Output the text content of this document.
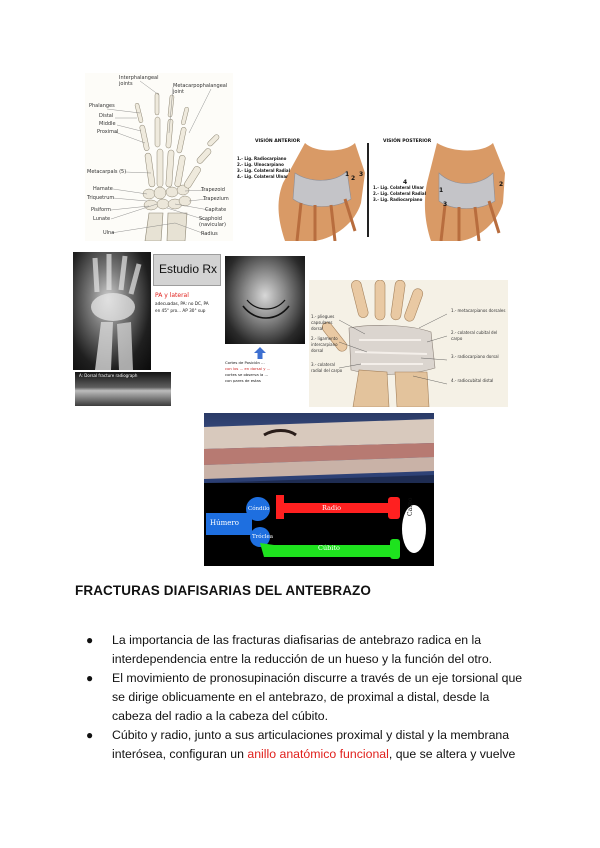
Phalanges
Distal
Middle
Proximal
Metacarpals (5)
Hamate
Triquetrum
Pisiform
Lunate
Ulna
Interphalangeal joints	Metacarpophalangeal joint
Trapezoid
Trapezium
Capitate
Scaphoid (navicular)
Radius
VISIÓN ANTERIOR
1.- Lig. Radiocarpiano
2.- Lig. Ulnocarpiano
3.- Lig. Colateral Radial
4.- Lig. Colateral Ulnar	1
2
3
4
VISIÓN POSTERIOR
1.- Lig. Colateral Ulnar
2.- Lig. Colateral Radial
3.- Lig. Radiocarpiano
1
2
3
A: Dorsal fracture radiograph
Estudio Rx
PA y lateral
adecuadas, PA: no DC, PA
en 45° pro... AP 30° sup
Cortes de Posición ...
con los ... en dorsal y ...
cortes se observa la ...
con pares de estas
1.- pliegues capsulares dorsal
2.- ligamento intercarpiano dorsal
3.- colateral radial del carpo
1.- metacarpianos dorsales
2.- colateral cubital del carpo
3.- radiocarpiano dorsal
4.- radiocubital distal
Húmero
Cóndilo
Tróclea
Radio
Cúbito
Carpo
FRACTURAS DIAFISARIAS DEL ANTEBRAZO
● La importancia de las fracturas diafisarias de antebrazo radica en la interdependencia entre la reducción de un hueso y la función del otro.
● El movimiento de pronosupinación discurre a través de un eje torsional que se dirige oblicuamente en el antebrazo, de proximal a distal, desde la cabeza del radio a la cabeza del cúbito.
● Cúbito y radio, junto a sus articulaciones proximal y distal y la membrana interósea, configuran un anillo anatómico funcional, que se altera y vuelve
